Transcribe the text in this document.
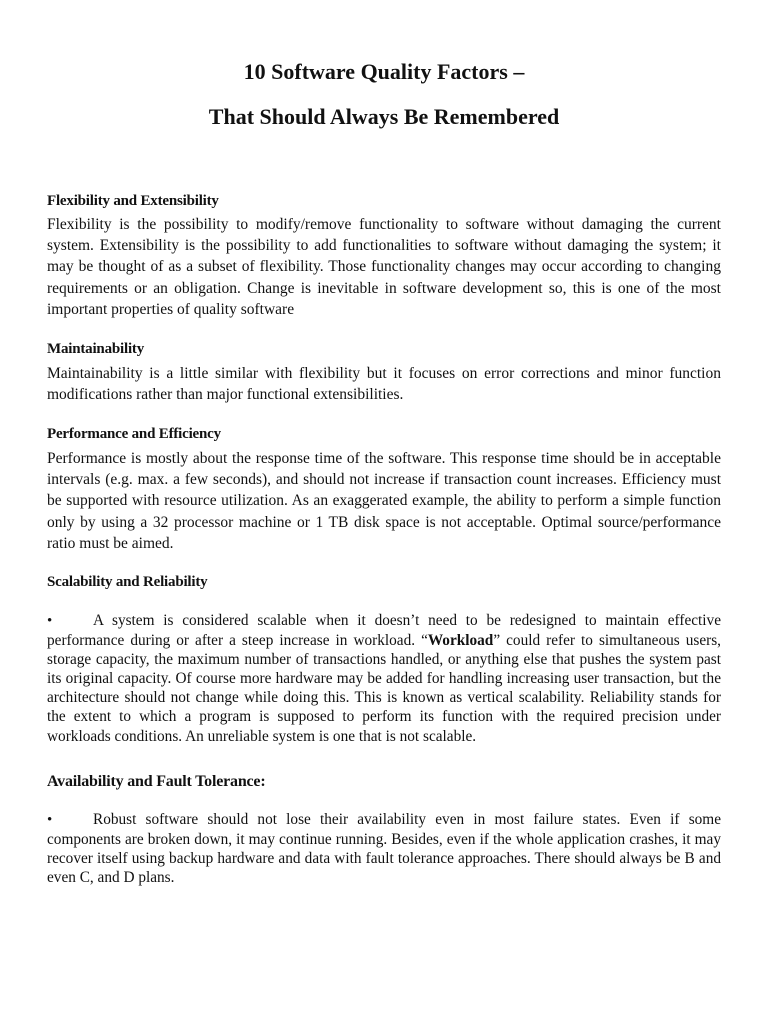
10 Software Quality Factors –
That Should Always Be Remembered
Flexibility and Extensibility

Flexibility is the possibility to modify/remove functionality to software without damaging the current system. Extensibility is the possibility to add functionalities to software without damaging the system; it may be thought of as a subset of flexibility. Those functionality changes may occur according to changing requirements or an obligation. Change is inevitable in software development so, this is one of the most important properties of quality software

Maintainability

Maintainability is a little similar with flexibility but it focuses on error corrections and minor function modifications rather than major functional extensibilities.

Performance and Efficiency

Performance is mostly about the response time of the software. This response time should be in acceptable intervals (e.g. max. a few seconds), and should not increase if transaction count increases. Efficiency must be supported with resource utilization. As an exaggerated example, the ability to perform a simple function only by using a 32 processor machine or 1 TB disk space is not acceptable. Optimal source/performance ratio must be aimed.

Scalability and Reliability

•	A system is considered scalable when it doesn’t need to be redesigned to maintain effective performance during or after a steep increase in workload. “Workload” could refer to simultaneous users, storage capacity, the maximum number of transactions handled, or anything else that pushes the system past its original capacity. Of course more hardware may be added for handling increasing user transaction, but the architecture should not change while doing this. This is known as vertical scalability. Reliability stands for the extent to which a program is supposed to perform its function with the required precision under workloads conditions. An unreliable system is one that is not scalable.

Availability and Fault Tolerance:

•	Robust software should not lose their availability even in most failure states. Even if some components are broken down, it may continue running. Besides, even if the whole application crashes, it may recover itself using backup hardware and data with fault tolerance approaches. There should always be B and even C, and D plans.
